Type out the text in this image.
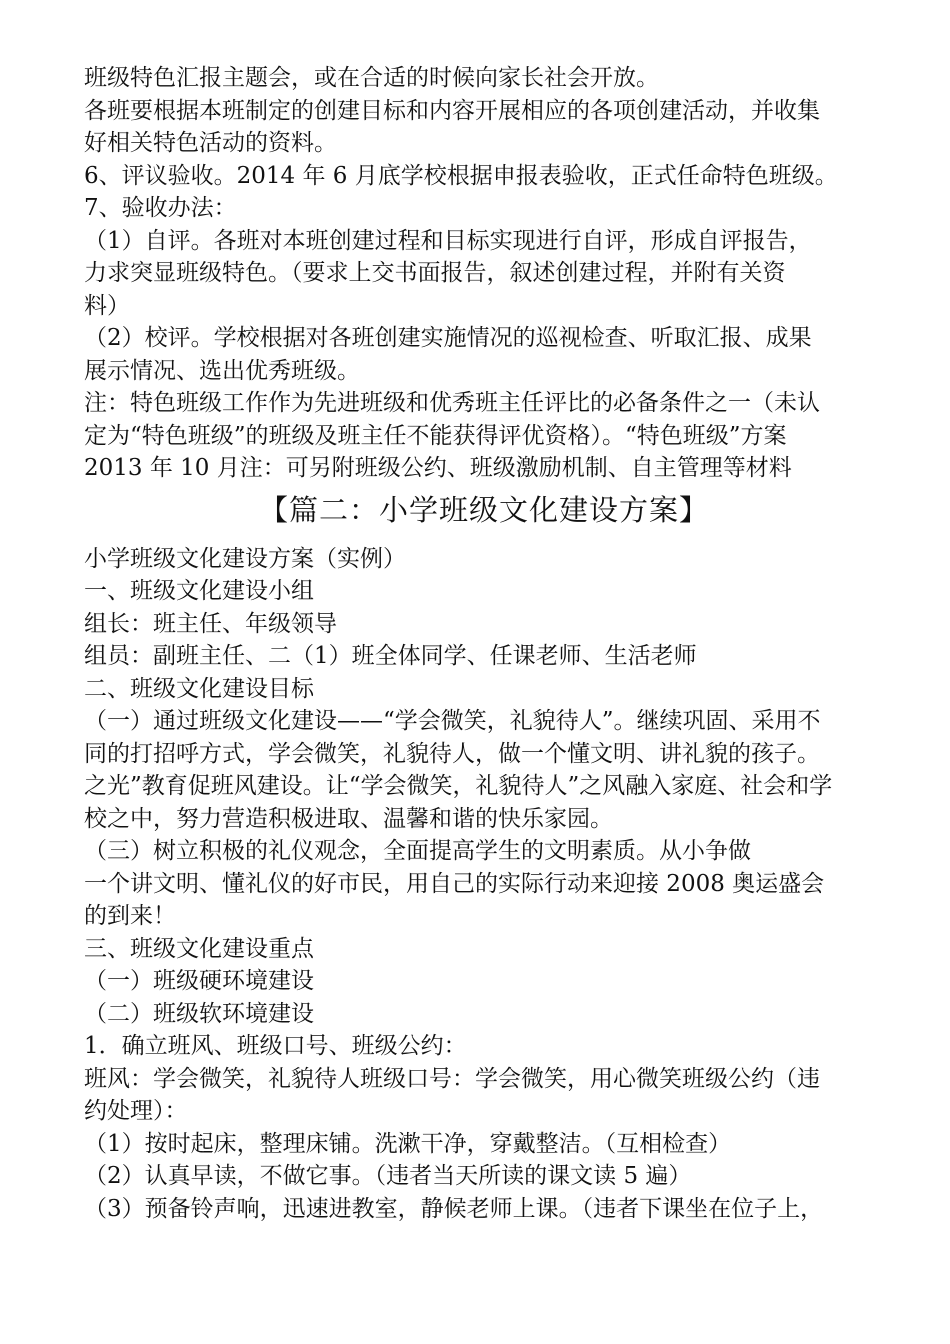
班级特色汇报主题会，或在合适的时候向家长社会开放。
各班要根据本班制定的创建目标和内容开展相应的各项创建活动，并收集
好相关特色活动的资料。
6、评议验收。2014 年 6 月底学校根据申报表验收，正式任命特色班级。
7、验收办法：
（1）自评。各班对本班创建过程和目标实现进行自评，形成自评报告，
力求突显班级特色。（要求上交书面报告，叙述创建过程，并附有关资
料）
（2）校评。学校根据对各班创建实施情况的巡视检查、听取汇报、成果
展示情况、选出优秀班级。
注：特色班级工作作为先进班级和优秀班主任评比的必备条件之一（未认
定为“特色班级”的班级及班主任不能获得评优资格）。“特色班级”方案
2013 年 10 月注：可另附班级公约、班级激励机制、自主管理等材料
【篇二：小学班级文化建设方案】
小学班级文化建设方案（实例）
一、班级文化建设小组
组长：班主任、年级领导
组员：副班主任、二（1）班全体同学、任课老师、生活老师
二、班级文化建设目标
（一）通过班级文化建设——“学会微笑，礼貌待人”。继续巩固、采用不
同的打招呼方式，学会微笑，礼貌待人，做一个懂文明、讲礼貌的孩子。
之光”教育促班风建设。让“学会微笑，礼貌待人”之风融入家庭、社会和学
校之中，努力营造积极进取、温馨和谐的快乐家园。
（三）树立积极的礼仪观念，全面提高学生的文明素质。从小争做
一个讲文明、懂礼仪的好市民，用自己的实际行动来迎接 2008 奥运盛会
的到来！
三、班级文化建设重点
（一）班级硬环境建设
（二）班级软环境建设
1．确立班风、班级口号、班级公约：
班风：学会微笑，礼貌待人班级口号：学会微笑，用心微笑班级公约（违
约处理）：
（1）按时起床，整理床铺。洗漱干净，穿戴整洁。（互相检查）
（2）认真早读，不做它事。（违者当天所读的课文读 5 遍）
（3）预备铃声响，迅速进教室，静候老师上课。（违者下课坐在位子上，
